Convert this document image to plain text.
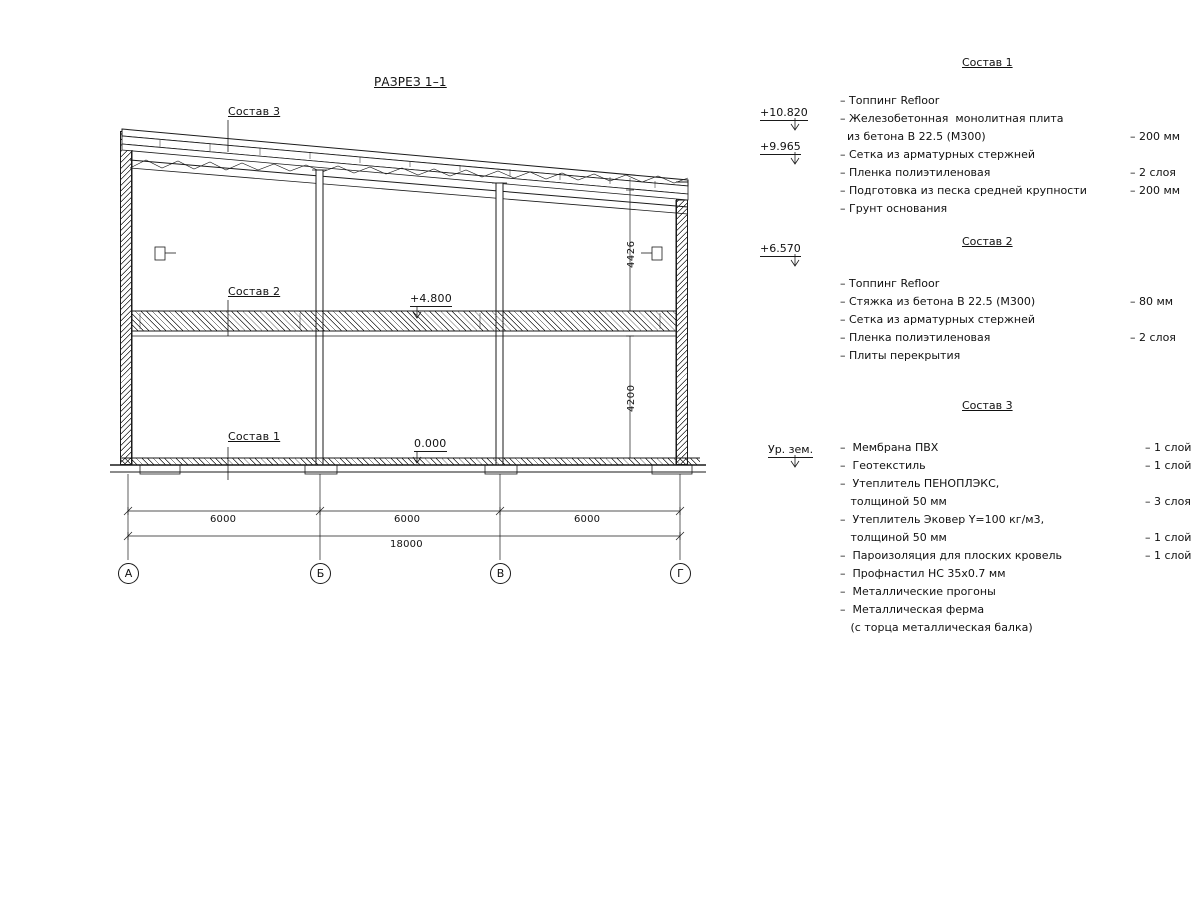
РАЗРЕЗ 1–1
Состав 3
Состав 2
Состав 1
+10.820
+9.965
+6.570
Ур. зем.
+4.800
0.000
4426
4200
6000	6000	6000
18000
А	Б	В	Г
Состав 1
– Топпинг Refloor
– Железобетонная  монолитная плита
из бетона В 22.5 (М300)	– 200 мм
– Сетка из арматурных стержней
– Пленка полиэтиленовая	– 2 слоя
– Подготовка из песка средней крупности	– 200 мм
– Грунт основания
Состав 2
– Топпинг Refloor
– Стяжка из бетона В 22.5 (М300)	– 80 мм
– Сетка из арматурных стержней
– Пленка полиэтиленовая	– 2 слоя
– Плиты перекрытия
Состав 3
–  Мембрана ПВХ	– 1 слой
–  Геотекстиль	– 1 слой
–  Утеплитель ПЕНОПЛЭКС,
толщиной 50 мм	– 3 слоя
–  Утеплитель Эковер Y=100 кг/м3,
толщиной 50 мм	– 1 слой
–  Пароизоляция для плоских кровель	– 1 слой
–  Профнастил НС 35х0.7 мм
–  Металлические прогоны
–  Металлическая ферма
(с торца металлическая балка)
